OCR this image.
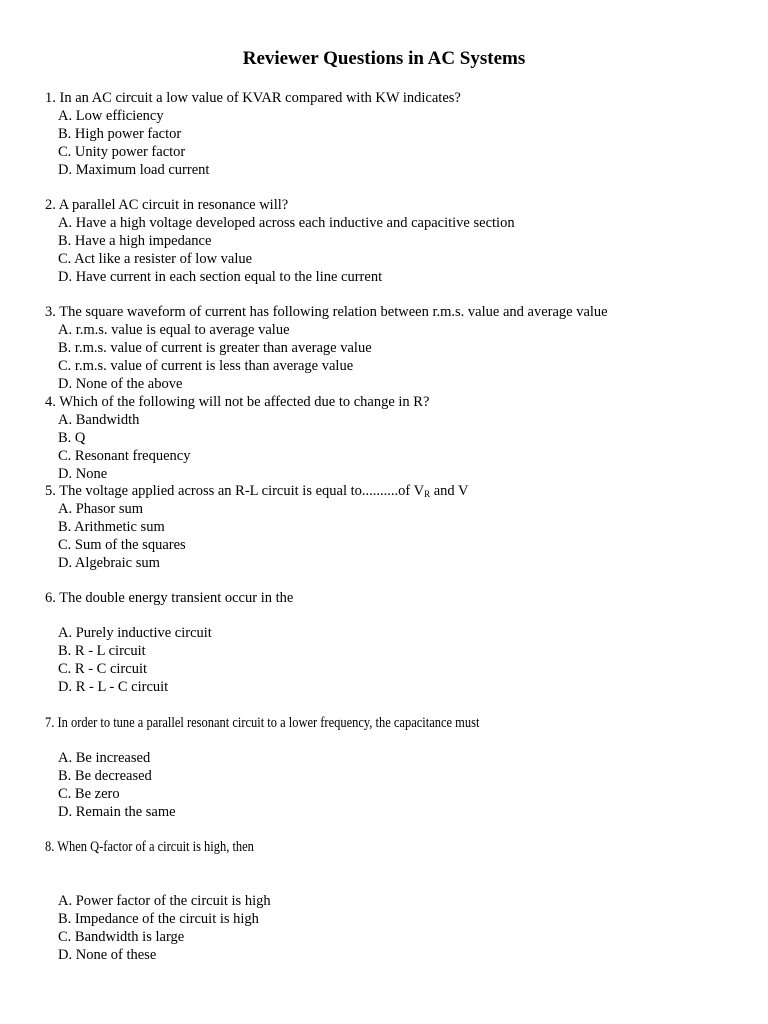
Reviewer Questions in AC Systems
1. In an AC circuit a low value of KVAR compared with KW indicates?
A. Low efficiency
B. High power factor
C. Unity power factor
D. Maximum load current
2. A parallel AC circuit in resonance will?
A. Have a high voltage developed across each inductive and capacitive section
B. Have a high impedance
C. Act like a resister of low value
D. Have current in each section equal to the line current
3. The square waveform of current has following relation between r.m.s. value and average value
A. r.m.s. value is equal to average value
B. r.m.s. value of current is greater than average value
C. r.m.s. value of current is less than average value
D. None of the above
4. Which of the following will not be affected due to change in R?
A. Bandwidth
B. Q
C. Resonant frequency
D. None
5. The voltage applied across an R-L circuit is equal to..........of $V_R$ and V
A. Phasor sum
B. Arithmetic sum
C. Sum of the squares
D. Algebraic sum
6. The double energy transient occur in the
A. Purely inductive circuit
B. R - L circuit
C. R - C circuit
D. R - L - C circuit
7. In order to tune a parallel resonant circuit to a lower frequency, the capacitance must
A. Be increased
B. Be decreased
C. Be zero
D. Remain the same
8. When Q-factor of a circuit is high, then
A. Power factor of the circuit is high
B. Impedance of the circuit is high
C. Bandwidth is large
D. None of these
